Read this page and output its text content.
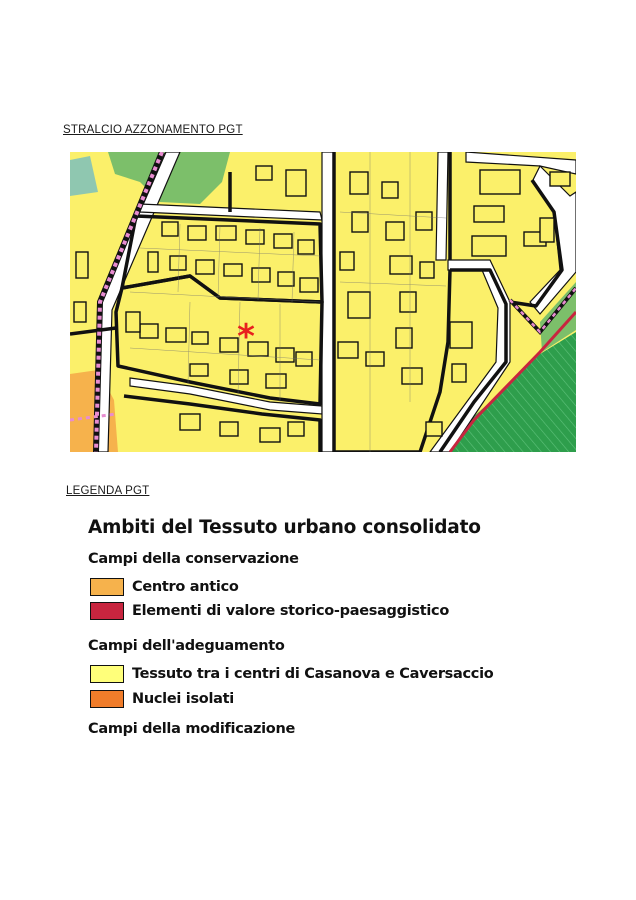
STRALCIO AZZONAMENTO PGT
*
LEGENDA PGT
Ambiti del Tessuto urbano consolidato
Campi della conservazione
Centro antico
Elementi di valore storico-paesaggistico
Campi dell'adeguamento
Tessuto tra i centri di Casanova e Caversaccio
Nuclei isolati
Campi della modificazione
